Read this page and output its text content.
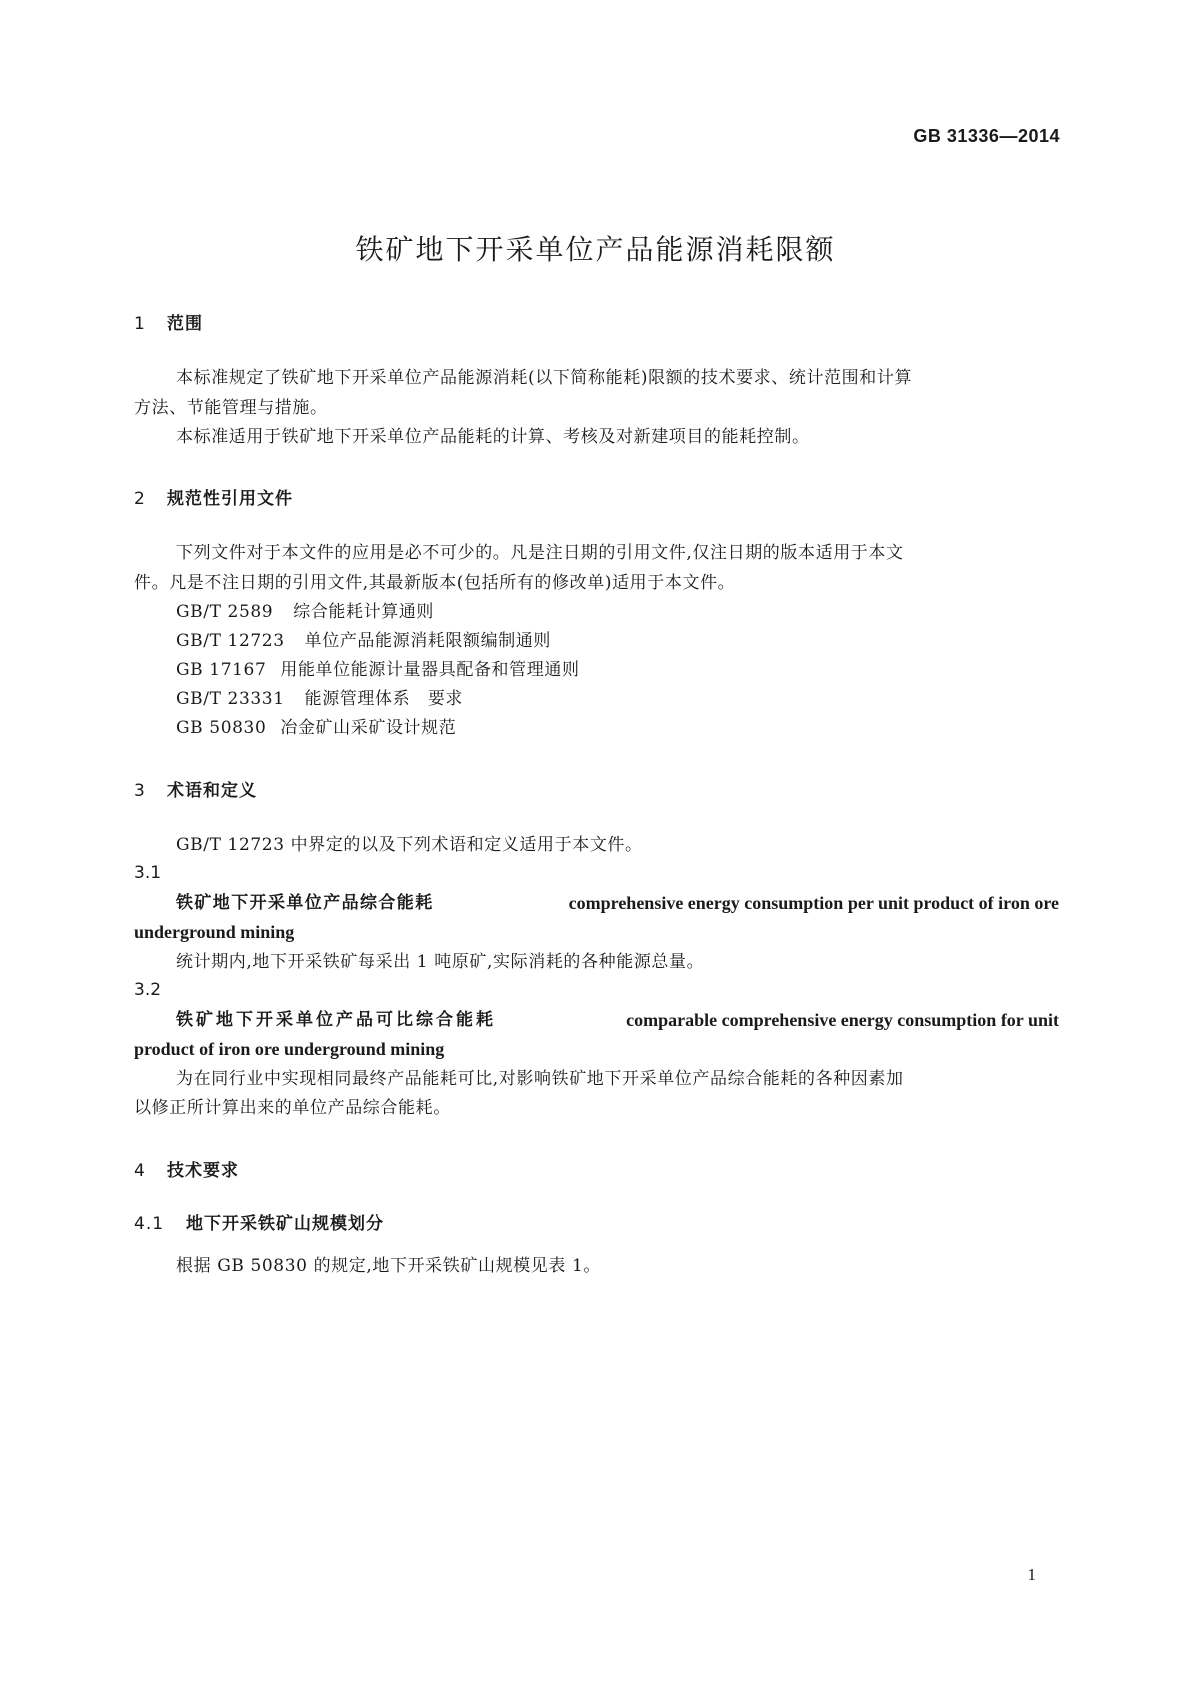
GB 31336—2014
铁矿地下开采单位产品能源消耗限额
1 范围
本标准规定了铁矿地下开采单位产品能源消耗(以下简称能耗)限额的技术要求、统计范围和计算
方法、节能管理与措施。
本标准适用于铁矿地下开采单位产品能耗的计算、考核及对新建项目的能耗控制。
2 规范性引用文件
下列文件对于本文件的应用是必不可少的。凡是注日期的引用文件,仅注日期的版本适用于本文
件。凡是不注日期的引用文件,其最新版本(包括所有的修改单)适用于本文件。
GB/T 2589 综合能耗计算通则
GB/T 12723 单位产品能源消耗限额编制通则
GB 17167 用能单位能源计量器具配备和管理通则
GB/T 23331 能源管理体系　要求
GB 50830 冶金矿山采矿设计规范
3 术语和定义
GB/T 12723 中界定的以及下列术语和定义适用于本文件。
3.1
铁矿地下开采单位产品综合能耗	comprehensive energy consumption per unit product of iron ore
underground mining
统计期内,地下开采铁矿每采出 1 吨原矿,实际消耗的各种能源总量。
3.2
铁矿地下开采单位产品可比综合能耗	comparable comprehensive energy consumption for unit
product of iron ore underground mining
为在同行业中实现相同最终产品能耗可比,对影响铁矿地下开采单位产品综合能耗的各种因素加
以修正所计算出来的单位产品综合能耗。
4 技术要求
4.1 地下开采铁矿山规模划分
根据 GB 50830 的规定,地下开采铁矿山规模见表 1。
1
